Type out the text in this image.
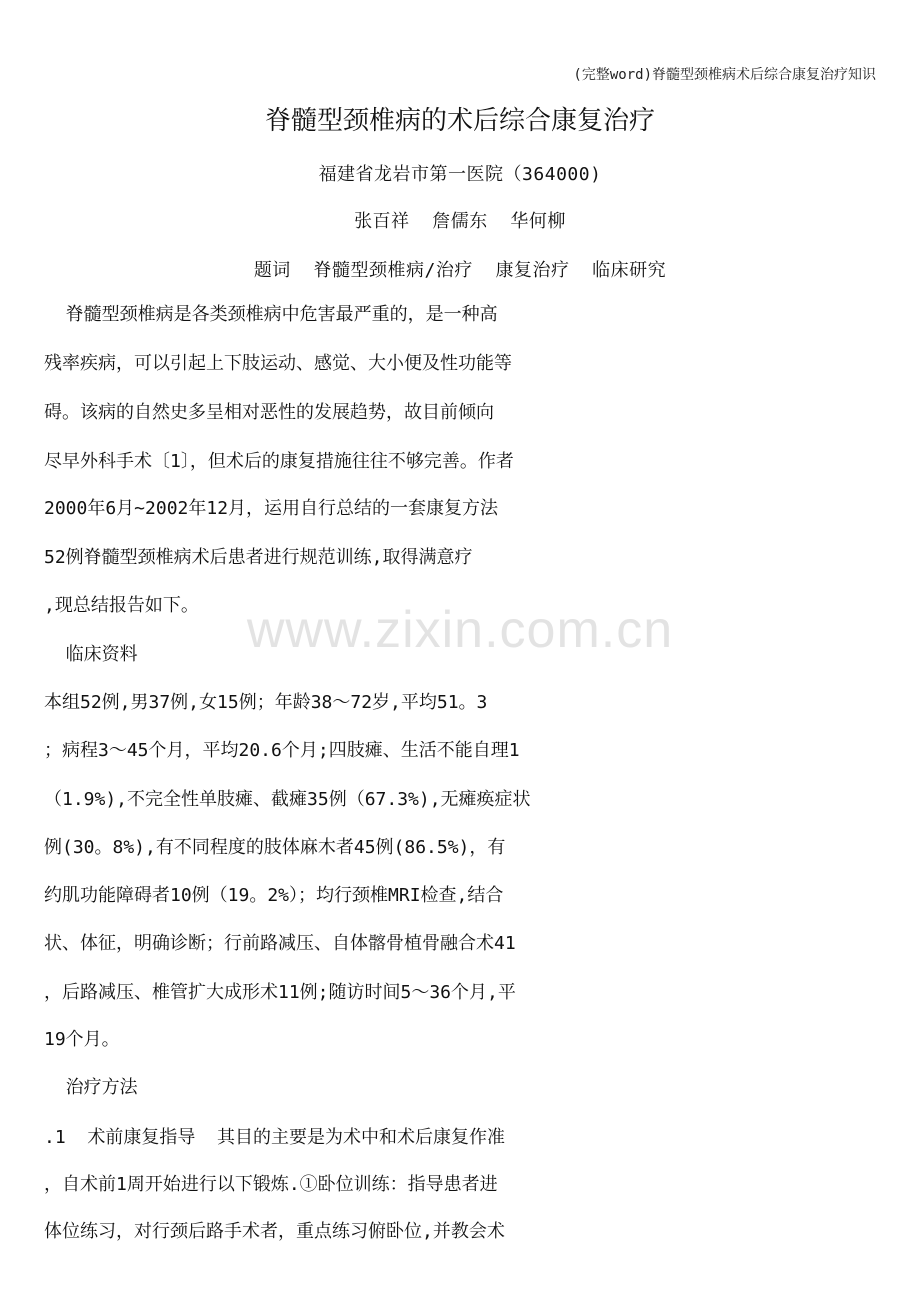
(完整word)脊髓型颈椎病术后综合康复治疗知识
www.zixin.com.cn
脊髓型颈椎病的术后综合康复治疗
福建省龙岩市第一医院（364000)
张百祥  詹儒东  华何柳
题词  脊髓型颈椎病/治疗  康复治疗  临床研究
脊髓型颈椎病是各类颈椎病中危害最严重的，是一种高
残率疾病，可以引起上下肢运动、感觉、大小便及性功能等
碍。该病的自然史多呈相对恶性的发展趋势，故目前倾向
尽早外科手术〔1〕，但术后的康复措施往往不够完善。作者
2000年6月~2002年12月，运用自行总结的一套康复方法
52例脊髓型颈椎病术后患者进行规范训练,取得满意疗
,现总结报告如下。
临床资料
本组52例,男37例,女15例；年龄38～72岁,平均51。3
；病程3～45个月，平均20.6个月;四肢瘫、生活不能自理1
（1.9%),不完全性单肢瘫、截瘫35例（67.3%),无瘫痪症状
例(30。8%),有不同程度的肢体麻木者45例(86.5%)，有
约肌功能障碍者10例（19。2%）；均行颈椎MRI检查,结合
状、体征，明确诊断；行前路减压、自体髂骨植骨融合术41
，后路减压、椎管扩大成形术11例;随访时间5～36个月,平
19个月。
治疗方法
.1  术前康复指导  其目的主要是为术中和术后康复作准
，自术前1周开始进行以下锻炼.①卧位训练：指导患者进
体位练习，对行颈后路手术者，重点练习俯卧位,并教会术
